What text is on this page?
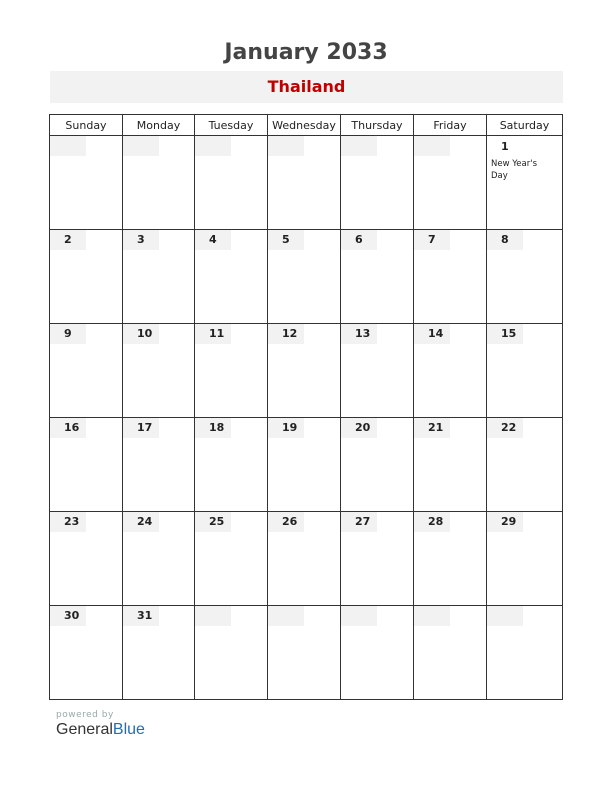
January 2033
Thailand
Sunday	Monday	Tuesday	Wednesday	Thursday	Friday	Saturday

						1
New Year's Day

2	3	4	5	6	7	8

9	10	11	12	13	14	15

16	17	18	19	20	21	22

23	24	25	26	27	28	29

30	31					

powered by
GeneralBlue
